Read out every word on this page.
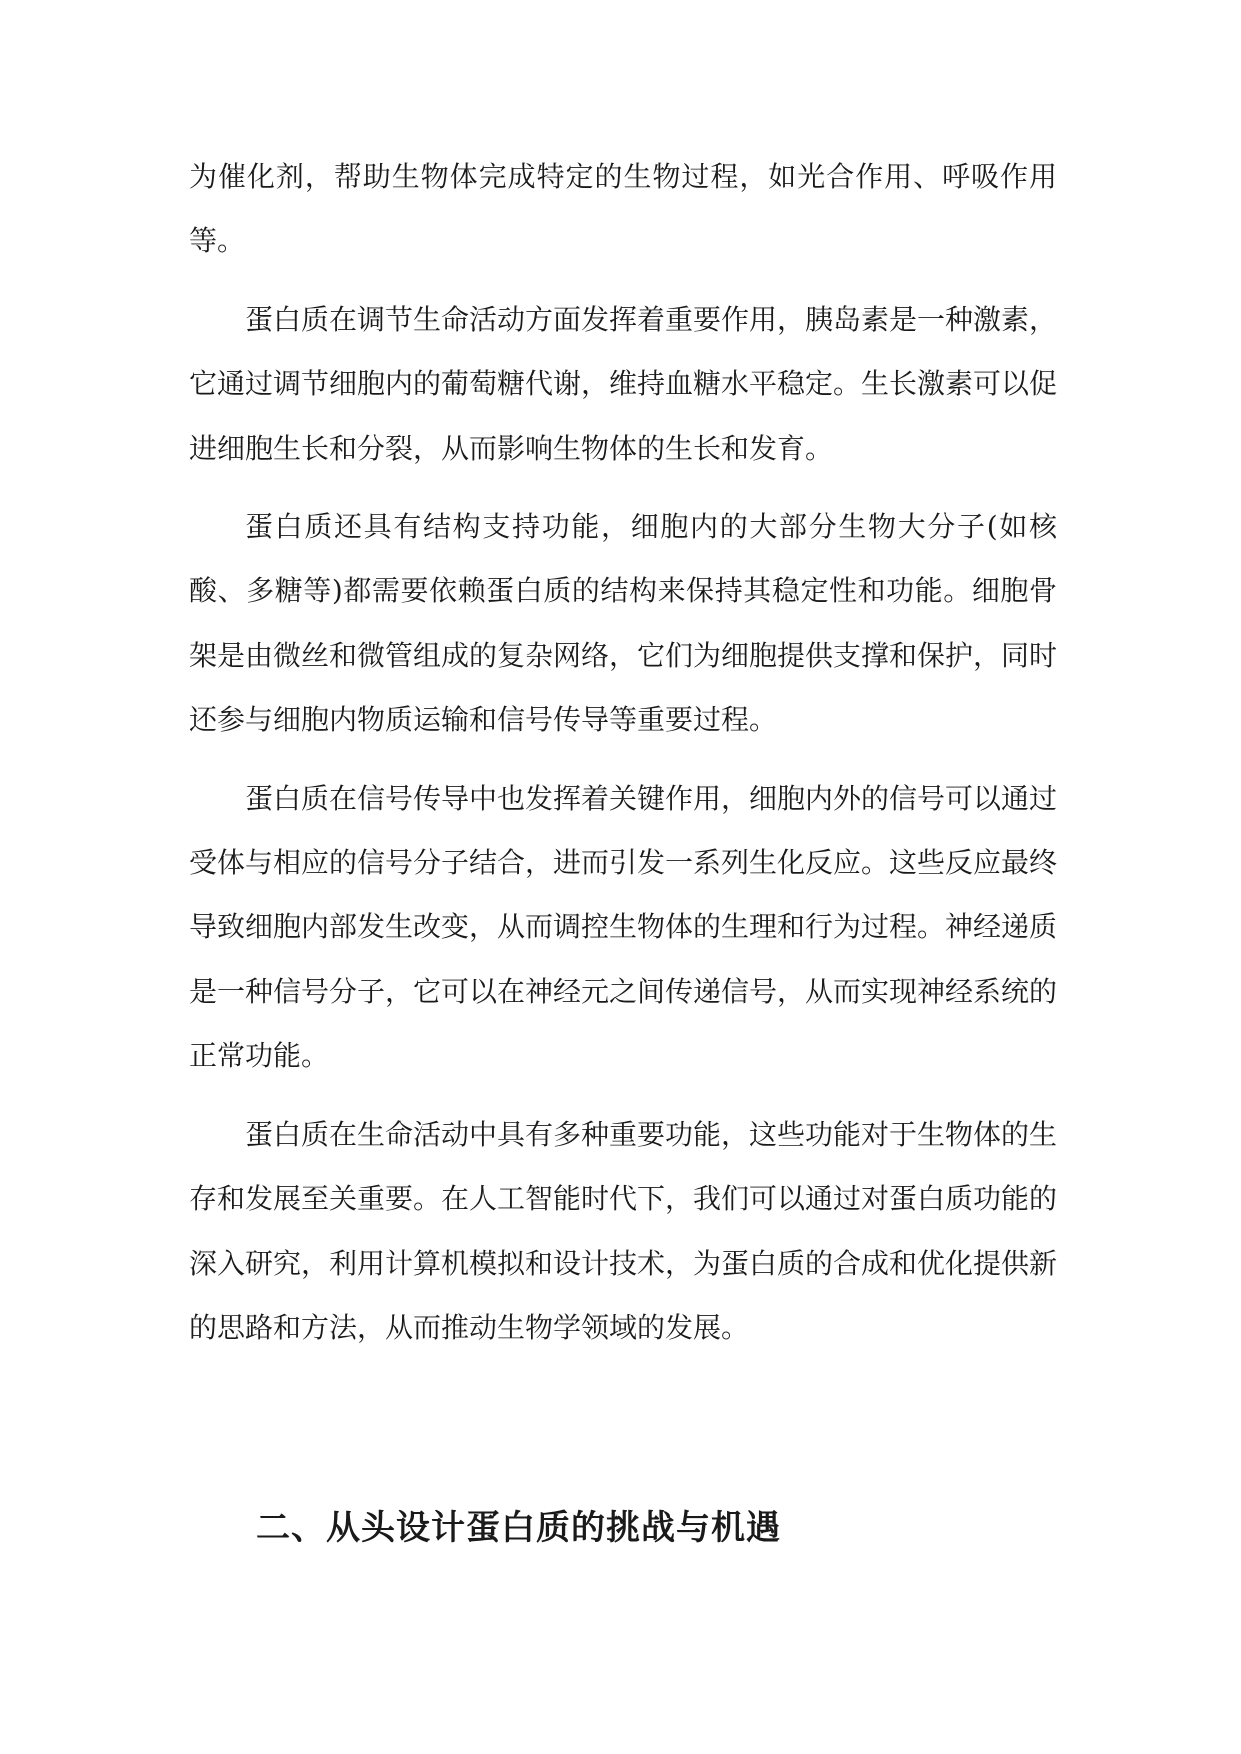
为催化剂，帮助生物体完成特定的生物过程，如光合作用、呼吸作用等。

蛋白质在调节生命活动方面发挥着重要作用，胰岛素是一种激素，它通过调节细胞内的葡萄糖代谢，维持血糖水平稳定。生长激素可以促进细胞生长和分裂，从而影响生物体的生长和发育。

蛋白质还具有结构支持功能，细胞内的大部分生物大分子(如核酸、多糖等)都需要依赖蛋白质的结构来保持其稳定性和功能。细胞骨架是由微丝和微管组成的复杂网络，它们为细胞提供支撑和保护，同时还参与细胞内物质运输和信号传导等重要过程。

蛋白质在信号传导中也发挥着关键作用，细胞内外的信号可以通过受体与相应的信号分子结合，进而引发一系列生化反应。这些反应最终导致细胞内部发生改变，从而调控生物体的生理和行为过程。神经递质是一种信号分子，它可以在神经元之间传递信号，从而实现神经系统的正常功能。

蛋白质在生命活动中具有多种重要功能，这些功能对于生物体的生存和发展至关重要。在人工智能时代下，我们可以通过对蛋白质功能的深入研究，利用计算机模拟和设计技术，为蛋白质的合成和优化提供新的思路和方法，从而推动生物学领域的发展。

二、从头设计蛋白质的挑战与机遇
